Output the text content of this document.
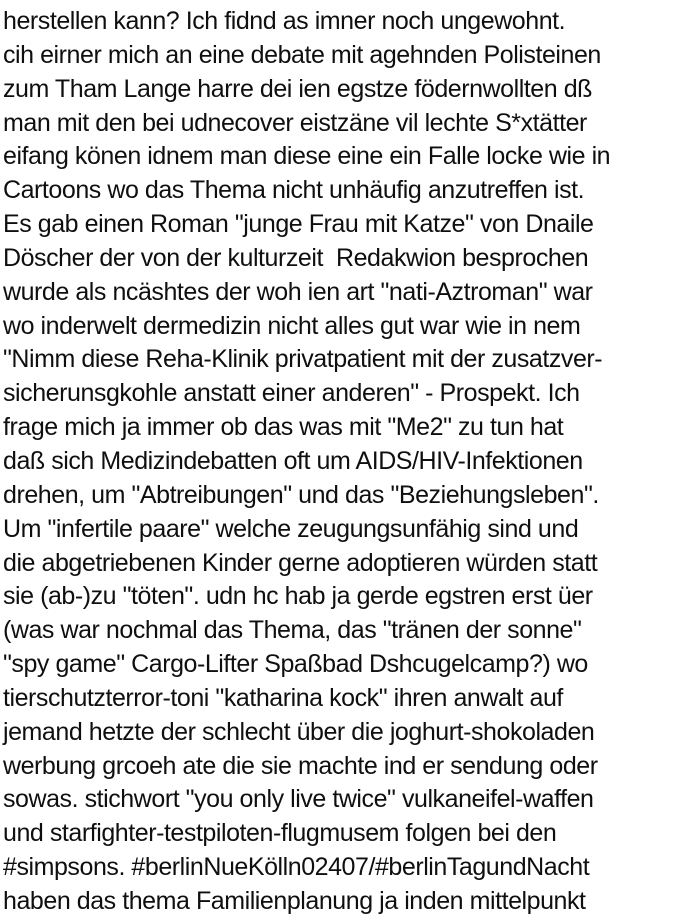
herstellen kann? Ich fidnd as imner noch ungewohnt.
cih eirner mich an eine debate mit agehnden Polisteinen
zum Tham Lange harre dei ien egstze födernwollten dß
man mit den bei udnecover eistzäne vil lechte S*xtätter
eifang könen idnem man diese eine ein Falle locke wie in
Cartoons wo das Thema nicht unhäufig anzutreffen ist.
Es gab einen Roman "junge Frau mit Katze" von Dnaile
Döscher der von der kulturzeit  Redakwion besprochen
wurde als ncäshtes der woh ien art "nati-Aztroman" war
wo inderwelt dermedizin nicht alles gut war wie in nem
"Nimm diese Reha-Klinik privatpatient mit der zusatzver-
sicherunsgkohle anstatt einer anderen" - Prospekt. Ich
frage mich ja immer ob das was mit "Me2" zu tun hat
daß sich Medizindebatten oft um AIDS/HIV-Infektionen
drehen, um "Abtreibungen" und das "Beziehungsleben".
Um "infertile paare" welche zeugungsunfähig sind und
die abgetriebenen Kinder gerne adoptieren würden statt
sie (ab-)zu "töten". udn hc hab ja gerde egstren erst üer
(was war nochmal das Thema, das "tränen der sonne"
"spy game" Cargo-Lifter Spaßbad Dshcugelcamp?) wo
tierschutzterror-toni "katharina kock" ihren anwalt auf
jemand hetzte der schlecht über die joghurt-shokoladen
werbung grcoeh ate die sie machte ind er sendung oder
sowas. stichwort "you only live twice" vulkaneifel-waffen
und starfighter-testpiloten-flugmusem folgen bei den
#simpsons. #berlinNueKölln02407/#berlinTagundNacht
haben das thema Familienplanung ja inden mittelpunkt
